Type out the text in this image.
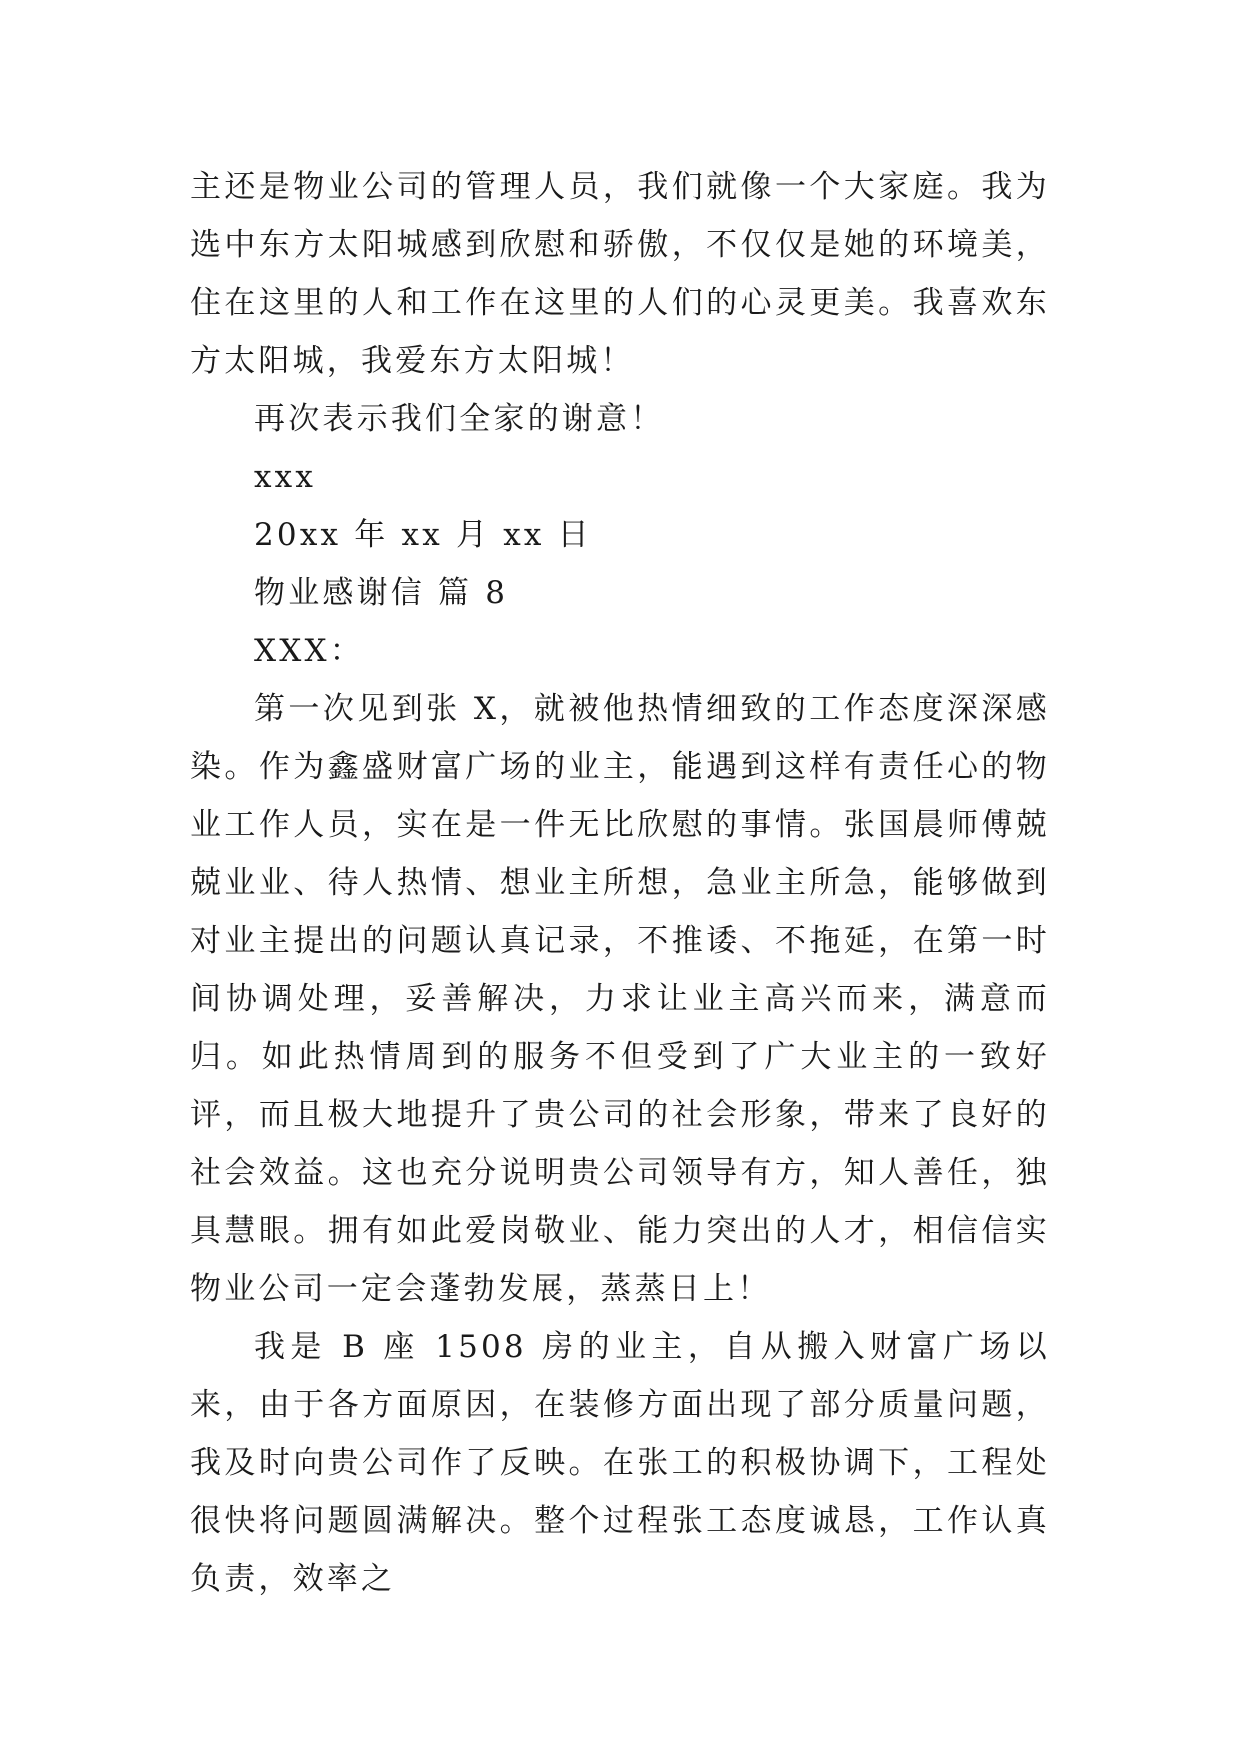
主还是物业公司的管理人员，我们就像一个大家庭。我为选中东方太阳城感到欣慰和骄傲，不仅仅是她的环境美，住在这里的人和工作在这里的人们的心灵更美。我喜欢东方太阳城，我爱东方太阳城！

再次表示我们全家的谢意！

xxx

20xx 年 xx 月 xx 日

物业感谢信 篇 8

XXX：

第一次见到张 X，就被他热情细致的工作态度深深感染。作为鑫盛财富广场的业主，能遇到这样有责任心的物业工作人员，实在是一件无比欣慰的事情。张国晨师傅兢兢业业、待人热情、想业主所想，急业主所急，能够做到对业主提出的问题认真记录，不推诿、不拖延，在第一时间协调处理，妥善解决，力求让业主高兴而来，满意而归。如此热情周到的服务不但受到了广大业主的一致好评，而且极大地提升了贵公司的社会形象，带来了良好的社会效益。这也充分说明贵公司领导有方，知人善任，独具慧眼。拥有如此爱岗敬业、能力突出的人才，相信信实物业公司一定会蓬勃发展，蒸蒸日上！

我是 B 座 1508 房的业主，自从搬入财富广场以来，由于各方面原因，在装修方面出现了部分质量问题，我及时向贵公司作了反映。在张工的积极协调下，工程处很快将问题圆满解决。整个过程张工态度诚恳，工作认真负责，效率之
